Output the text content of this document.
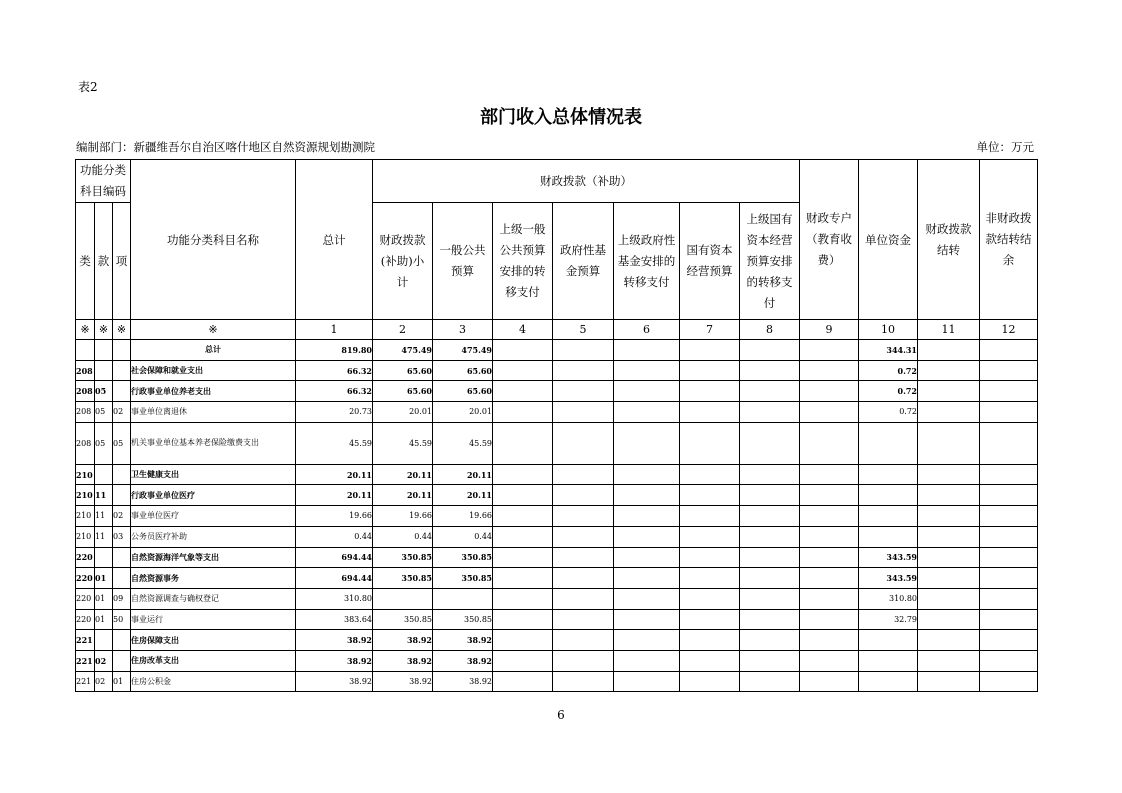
表2
部门收入总体情况表
编制部门：新疆维吾尔自治区喀什地区自然资源规划勘测院	单位：万元
功能分类科目编码			功能分类科目名称	总计	财政拨款（补助）							财政专户（教育收费）	单位资金	财政拨款结转	非财政拨款结转结余

类	款	项			财政拨款(补助)小计	一般公共预算	上级一般公共预算安排的转移支付	政府性基金预算	上级政府性基金安排的转移支付	国有资本经营预算	上级国有资本经营预算安排的转移支付				

※	※	※	※	1	2	3	4	5	6	7	8	9	10	11	12
			总计	819.80	475.49	475.49							344.31		
208			社会保障和就业支出	66.32	65.60	65.60							0.72		
208	05		行政事业单位养老支出	66.32	65.60	65.60							0.72		
208	05	02	事业单位离退休	20.73	20.01	20.01							0.72		
208	05	05	机关事业单位基本养老保险缴费支出	45.59	45.59	45.59									
210			卫生健康支出	20.11	20.11	20.11									
210	11		行政事业单位医疗	20.11	20.11	20.11									
210	11	02	事业单位医疗	19.66	19.66	19.66									
210	11	03	公务员医疗补助	0.44	0.44	0.44									
220			自然资源海洋气象等支出	694.44	350.85	350.85							343.59		
220	01		自然资源事务	694.44	350.85	350.85							343.59		
220	01	09	自然资源调查与确权登记	310.80									310.80		
220	01	50	事业运行	383.64	350.85	350.85							32.79		
221			住房保障支出	38.92	38.92	38.92									
221	02		住房改革支出	38.92	38.92	38.92									
221	02	01	住房公积金	38.92	38.92	38.92									
6
